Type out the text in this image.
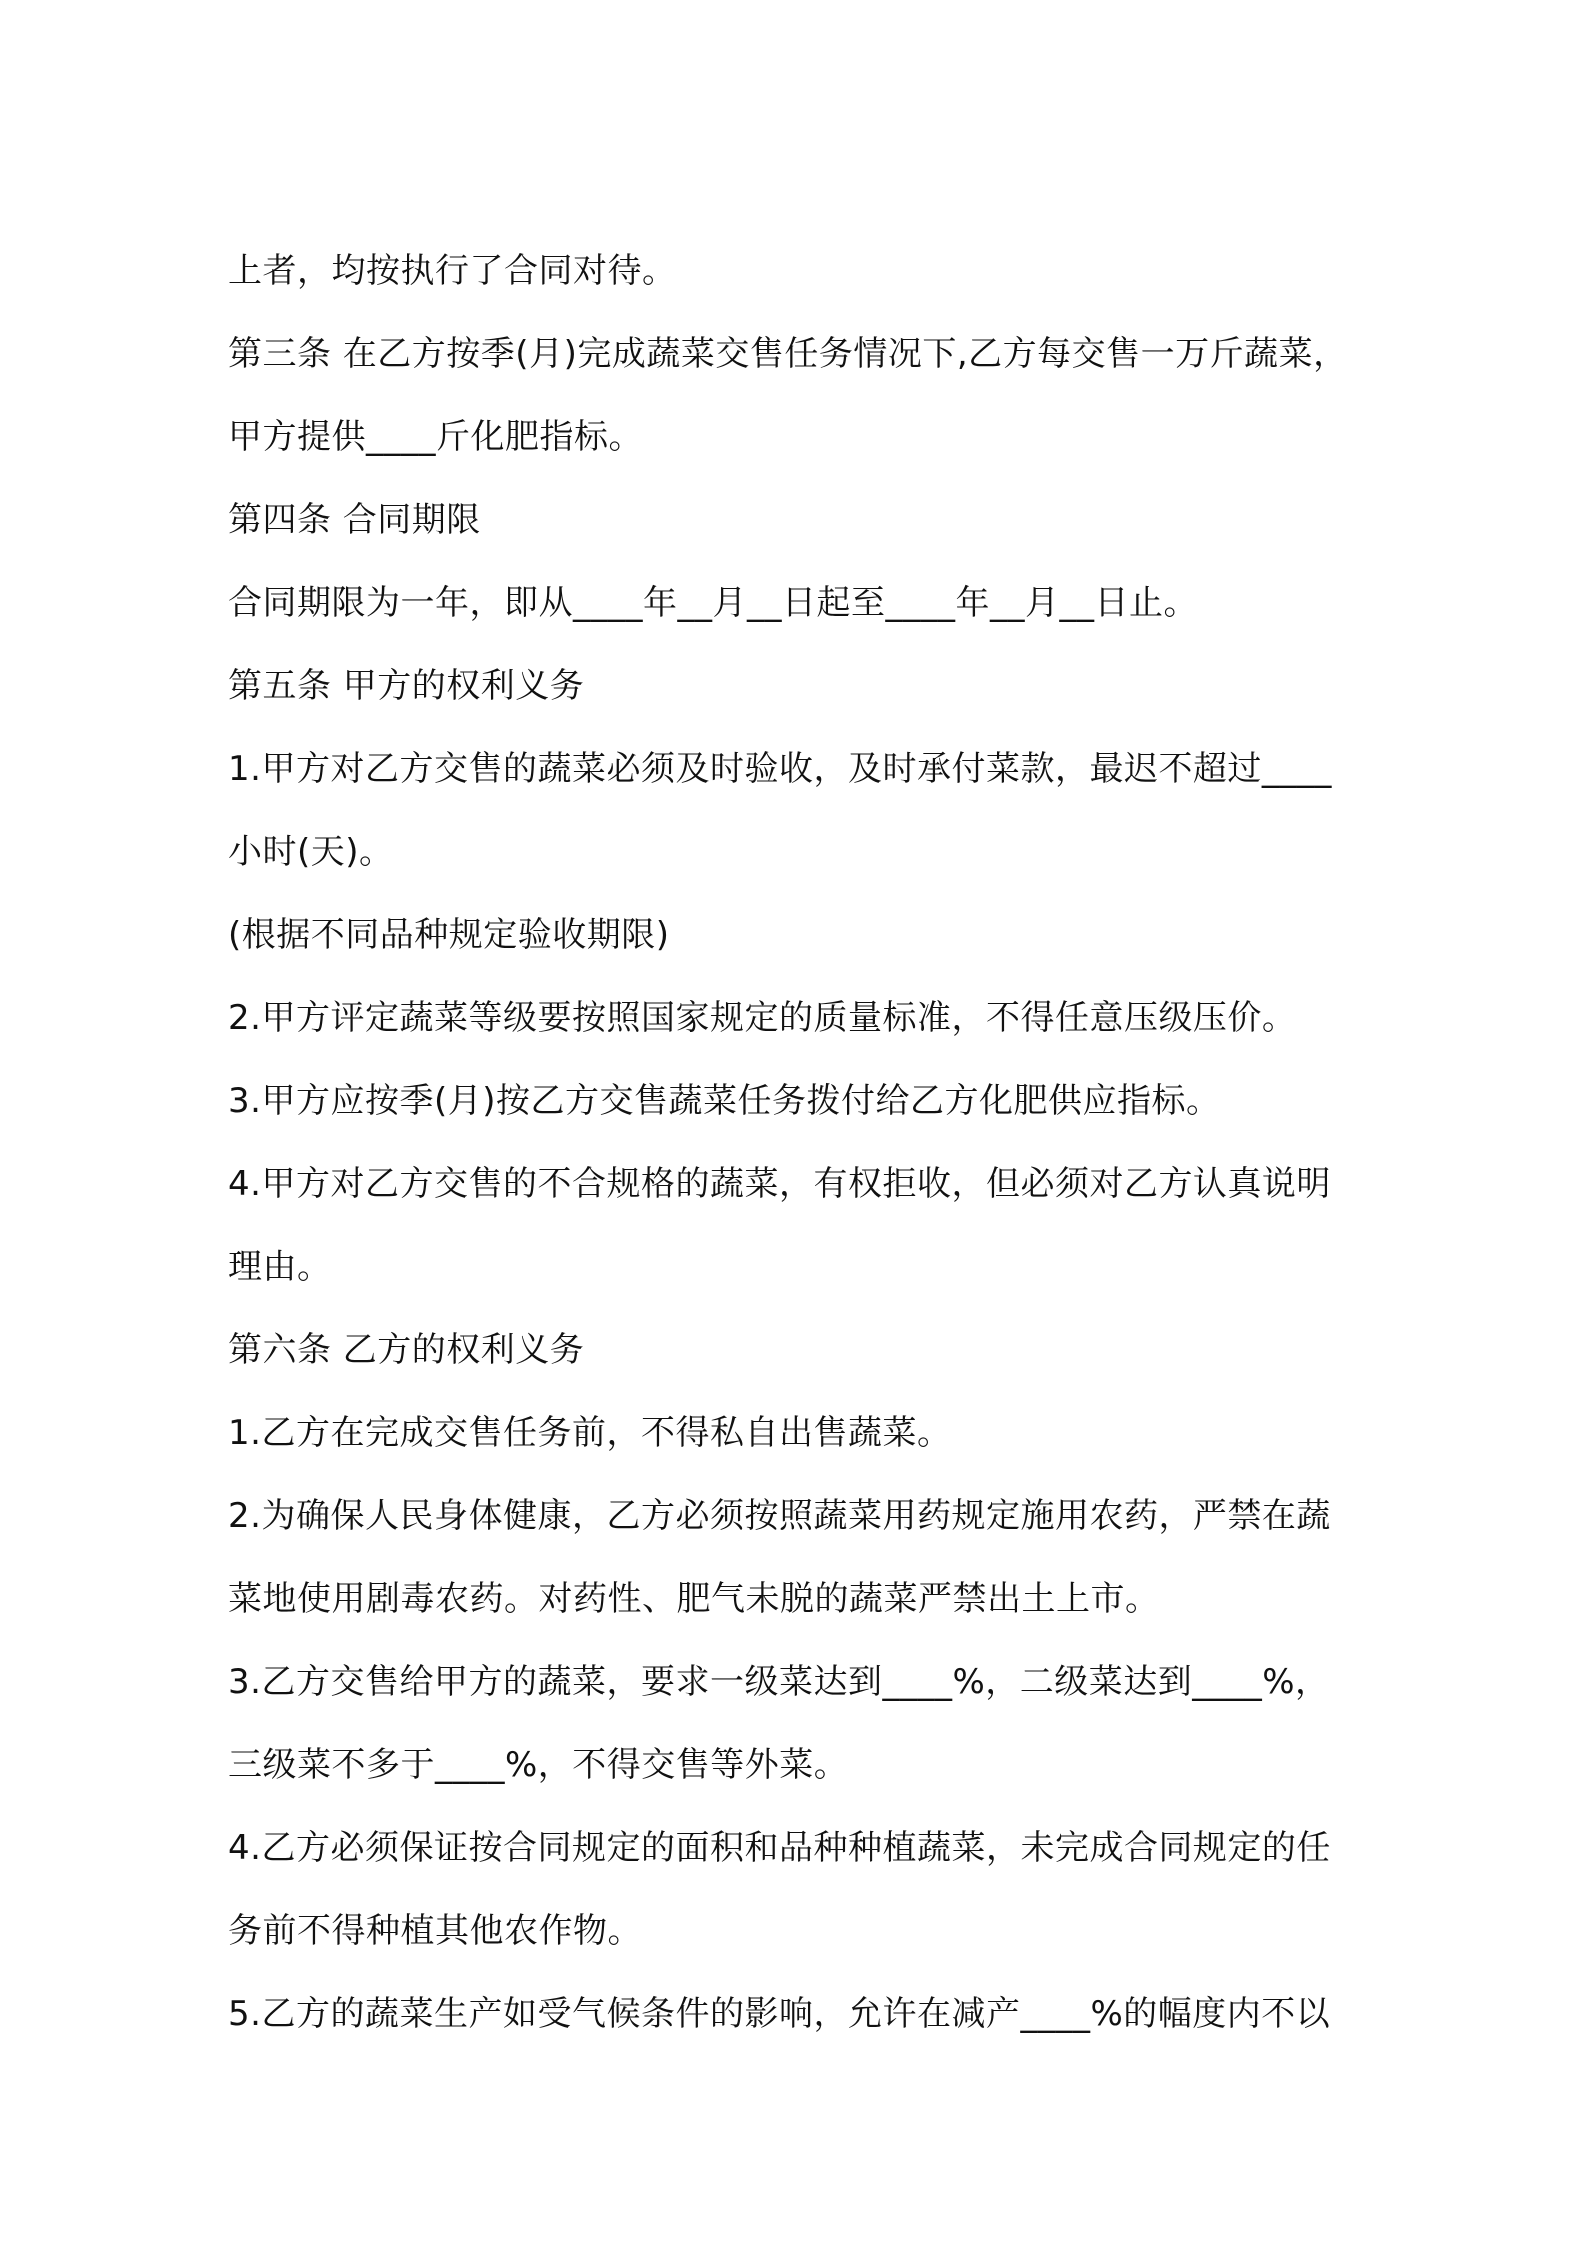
上者，均按执行了合同对待。
第三条 在乙方按季(月)完成蔬菜交售任务情况下,乙方每交售一万斤蔬菜，
甲方提供____斤化肥指标。
第四条 合同期限
合同期限为一年，即从____年__月__日起至____年__月__日止。
第五条 甲方的权利义务
1.甲方对乙方交售的蔬菜必须及时验收，及时承付菜款，最迟不超过____
小时(天)。
(根据不同品种规定验收期限)
2.甲方评定蔬菜等级要按照国家规定的质量标准，不得任意压级压价。
3.甲方应按季(月)按乙方交售蔬菜任务拨付给乙方化肥供应指标。
4.甲方对乙方交售的不合规格的蔬菜，有权拒收，但必须对乙方认真说明
理由。
第六条 乙方的权利义务
1.乙方在完成交售任务前，不得私自出售蔬菜。
2.为确保人民身体健康，乙方必须按照蔬菜用药规定施用农药，严禁在蔬
菜地使用剧毒农药。对药性、肥气未脱的蔬菜严禁出土上市。
3.乙方交售给甲方的蔬菜，要求一级菜达到____%，二级菜达到____%，
三级菜不多于____%，不得交售等外菜。
4.乙方必须保证按合同规定的面积和品种种植蔬菜，未完成合同规定的任
务前不得种植其他农作物。
5.乙方的蔬菜生产如受气候条件的影响，允许在减产____%的幅度内不以
